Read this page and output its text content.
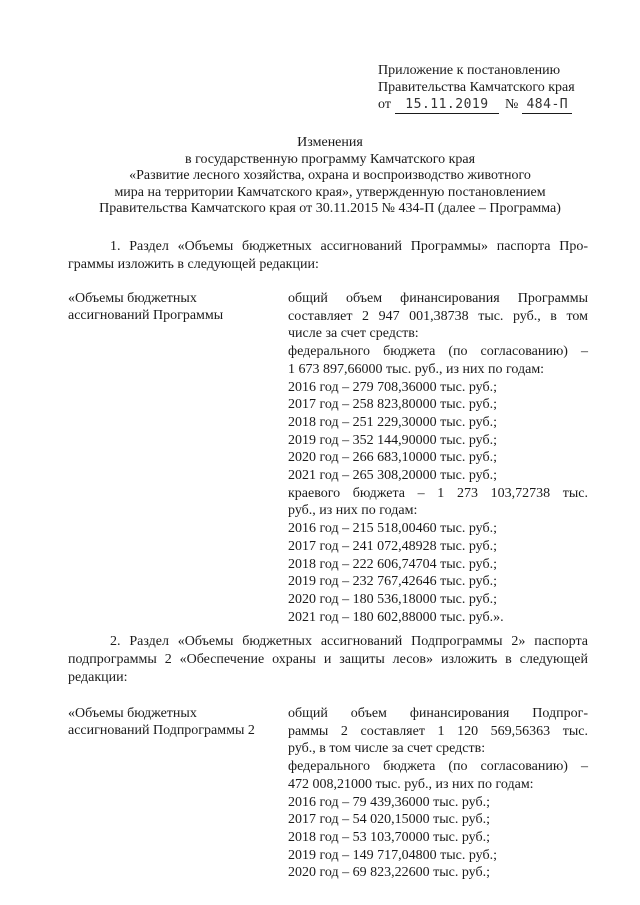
Приложение к постановлению
Правительства Камчатского края
от 15.11.2019 № 484-П
Изменения
в государственную программу Камчатского края
«Развитие лесного хозяйства, охрана и воспроизводство животного
мира на территории Камчатского края», утвержденную постановлением
Правительства Камчатского края от 30.11.2015 № 434-П (далее – Программа)
1. Раздел «Объемы бюджетных ассигнований Программы» паспорта Про-
граммы изложить в следующей редакции:
«Объемы бюджетных
ассигнований Программы
общий объем финансирования Программы
составляет 2 947 001,38738 тыс. руб., в том
числе за счет средств:
федерального бюджета (по согласованию) –
1 673 897,66000 тыс. руб., из них по годам:
2016 год – 279 708,36000 тыс. руб.;
2017 год – 258 823,80000 тыс. руб.;
2018 год – 251 229,30000 тыс. руб.;
2019 год – 352 144,90000 тыс. руб.;
2020 год – 266 683,10000 тыс. руб.;
2021 год – 265 308,20000 тыс. руб.;
краевого бюджета – 1 273 103,72738 тыс.
руб., из них по годам:
2016 год – 215 518,00460 тыс. руб.;
2017 год – 241 072,48928 тыс. руб.;
2018 год – 222 606,74704 тыс. руб.;
2019 год – 232 767,42646 тыс. руб.;
2020 год – 180 536,18000 тыс. руб.;
2021 год – 180 602,88000 тыс. руб.».
2. Раздел «Объемы бюджетных ассигнований Подпрограммы 2» паспорта
подпрограммы 2 «Обеспечение охраны и защиты лесов» изложить в следующей
редакции:
«Объемы бюджетных
ассигнований Подпрограммы 2
общий объем финансирования Подпрог-
раммы 2 составляет 1 120 569,56363 тыс.
руб., в том числе за счет средств:
федерального бюджета (по согласованию) –
472 008,21000 тыс. руб., из них по годам:
2016 год – 79 439,36000 тыс. руб.;
2017 год – 54 020,15000 тыс. руб.;
2018 год – 53 103,70000 тыс. руб.;
2019 год – 149 717,04800 тыс. руб.;
2020 год – 69 823,22600 тыс. руб.;
